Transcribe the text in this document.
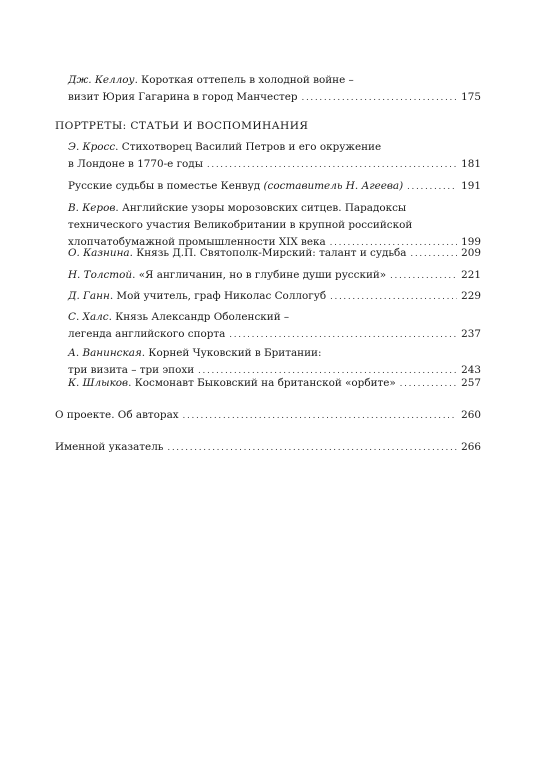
Дж. Келлоу. Короткая оттепель в холодной войне –
визит Юрия Гагарина в город Манчестер . . .	175
ПОРТРЕТЫ: СТАТЬИ И ВОСПОМИНАНИЯ
Э. Кросс. Стихотворец Василий Петров и его окружение
в Лондоне в 1770-е годы . . .	181
Русские судьбы в поместье Кенвуд (составитель Н. Агеева) . . .	191
В. Керов. Английские узоры морозовских ситцев. Парадоксы
технического участия Великобритании в крупной российской
хлопчатобумажной промышленности XIX века . . .	199
О. Казнина. Князь Д.П. Святополк-Мирский: талант и судьба . . .	209
Н. Толстой. «Я англичанин, но в глубине души русский» . . .	221
Д. Ганн. Мой учитель, граф Николас Соллогуб . . .	229
С. Халс. Князь Александр Оболенский –
легенда английского спорта . . .	237
А. Ванинская. Корней Чуковский в Британии:
три визита – три эпохи . . .	243
К. Шлыков. Космонавт Быковский на британской «орбите» . . .	257
О проекте. Об авторах . . .	260
Именной указатель . . .	266
